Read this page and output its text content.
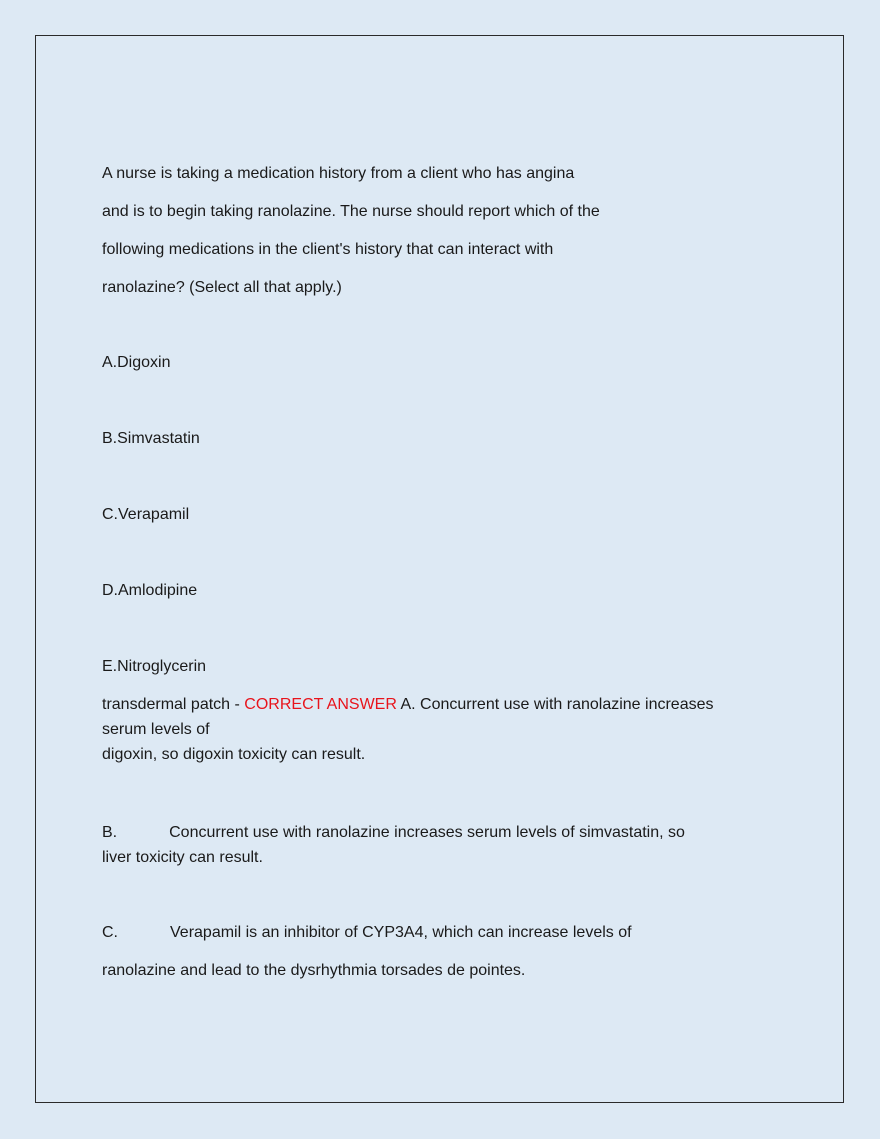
A nurse is taking a medication history from a client who has angina
and is to begin taking ranolazine. The nurse should report which of the
following medications in the client's history that can interact with
ranolazine? (Select all that apply.)
A.Digoxin
B.Simvastatin
C.Verapamil
D.Amlodipine
E.Nitroglycerin
transdermal patch - CORRECT ANSWER A. Concurrent use with ranolazine increases serum levels of
digoxin, so digoxin toxicity can result.
B.	Concurrent use with ranolazine increases serum levels of simvastatin, so
liver toxicity can result.
C.	Verapamil is an inhibitor of CYP3A4, which can increase levels of
ranolazine and lead to the dysrhythmia torsades de pointes.
